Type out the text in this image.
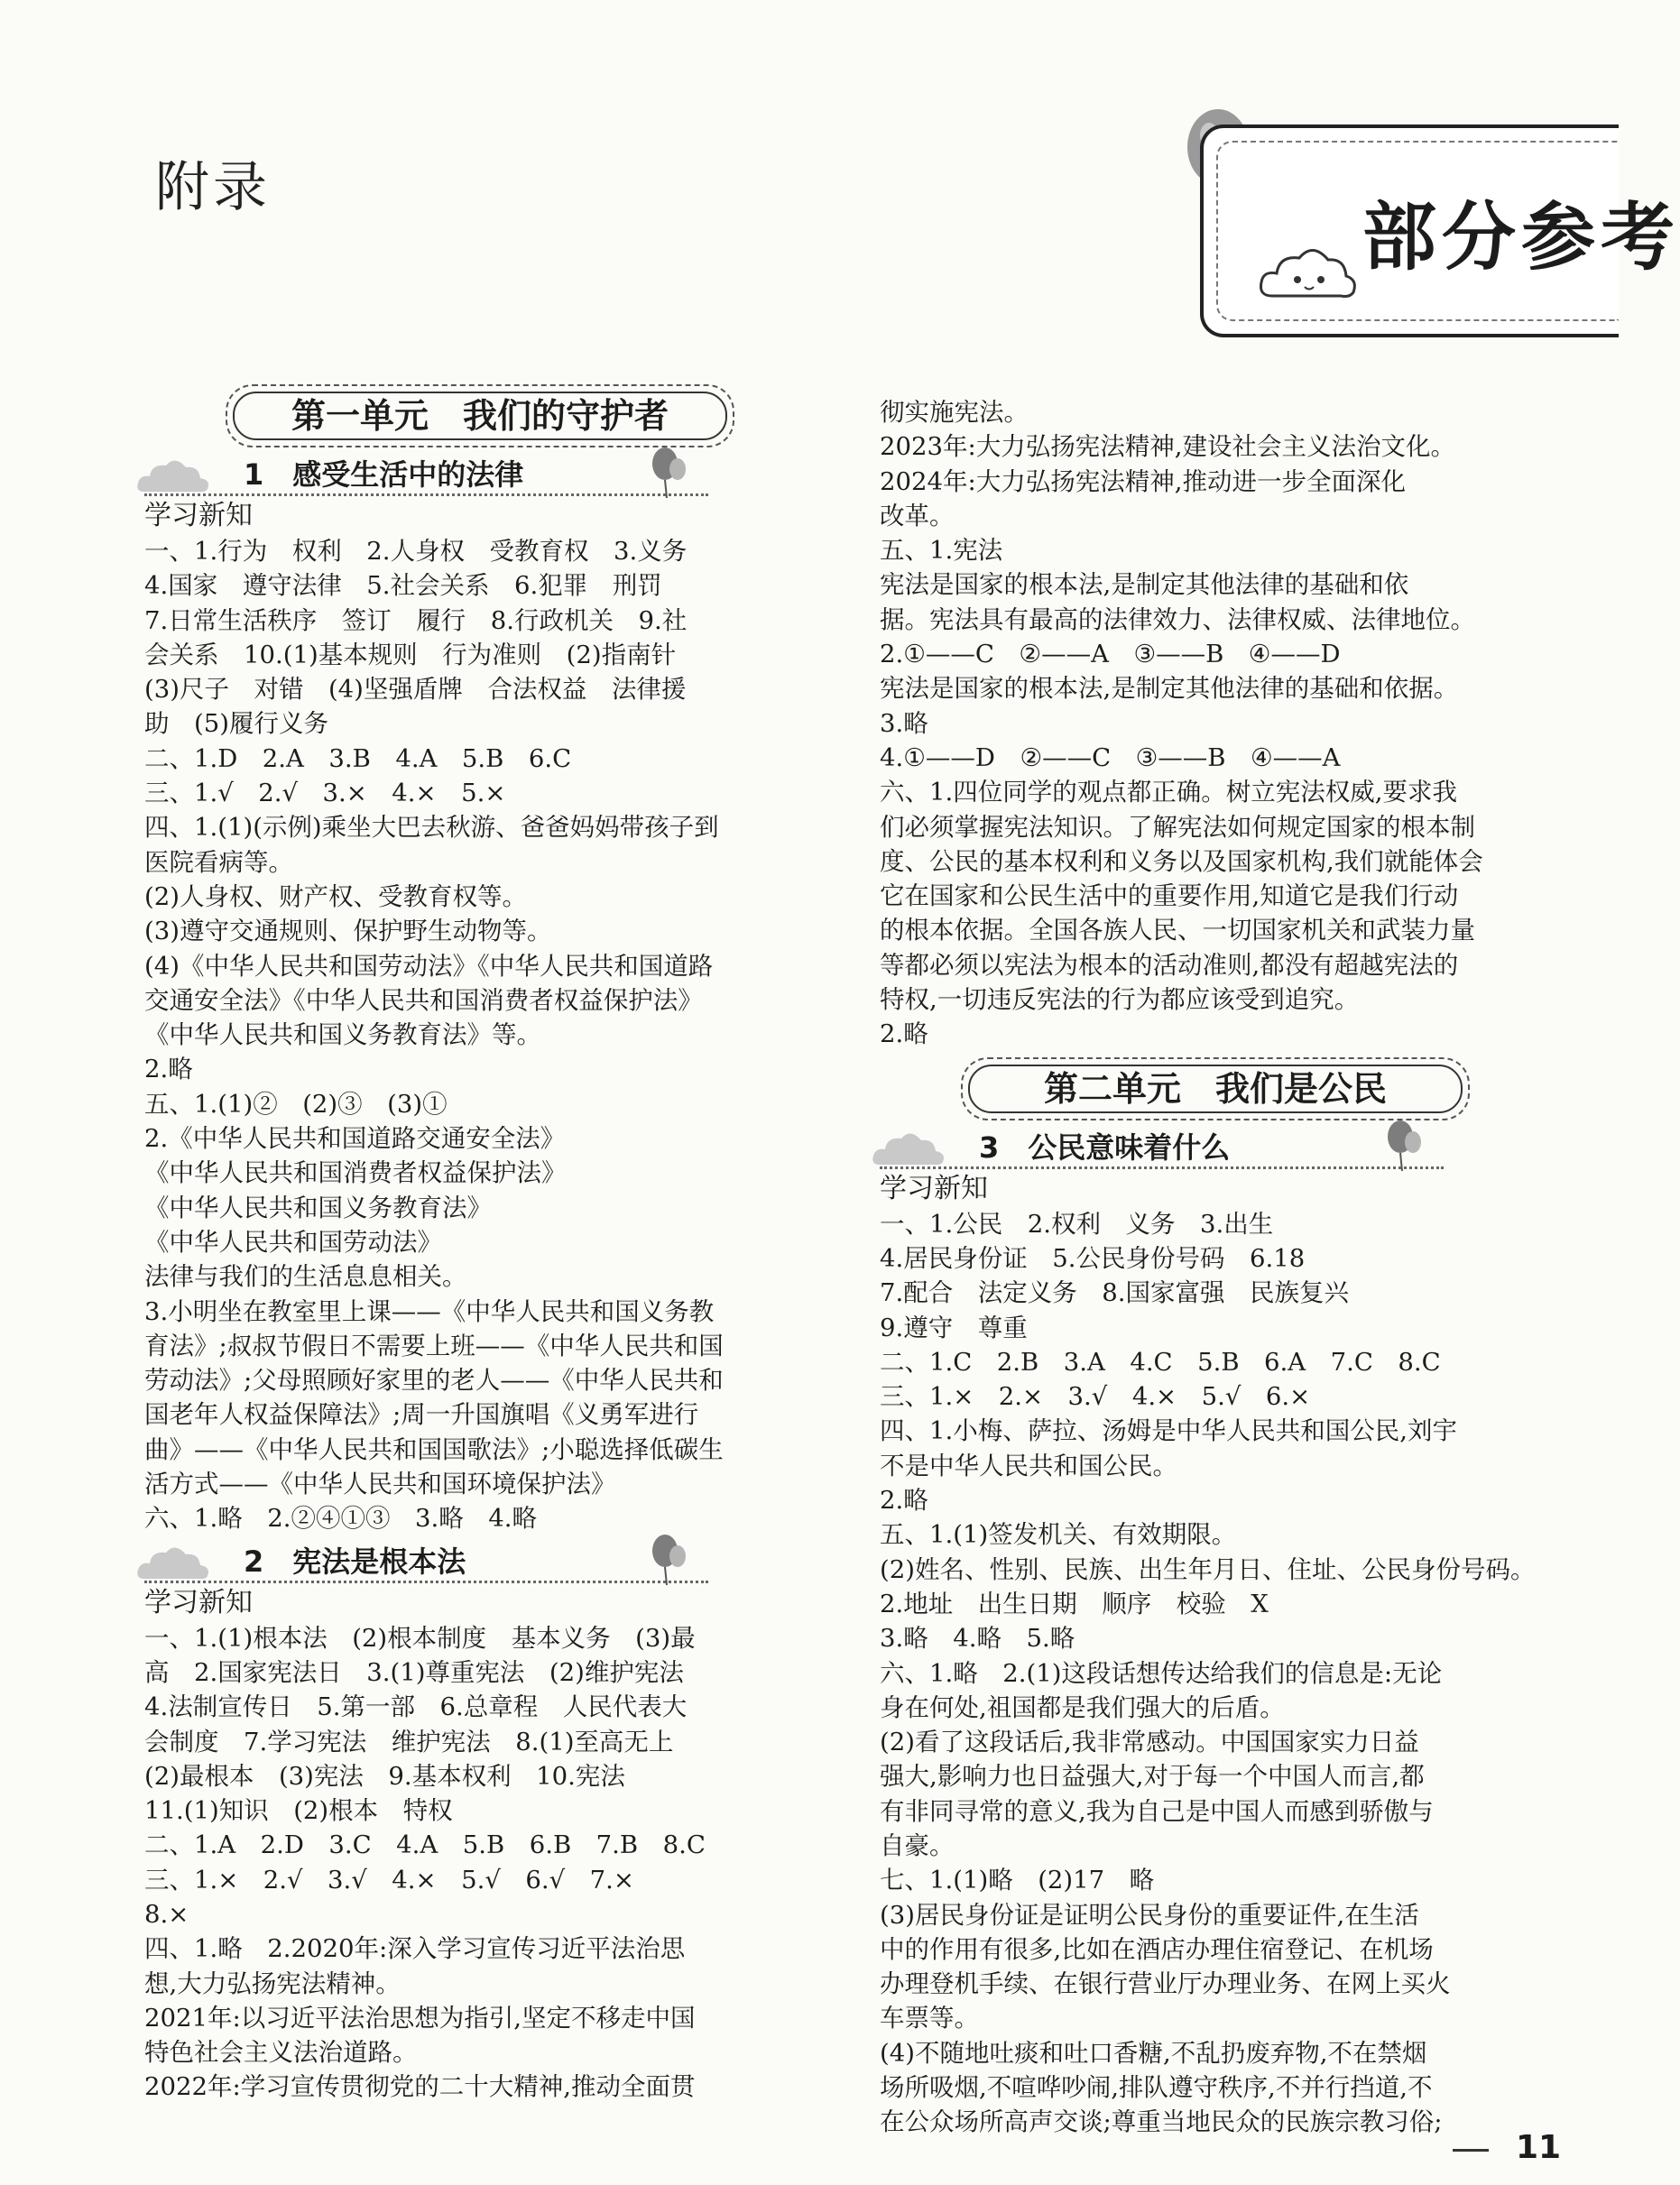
附录
部分参考
第一单元　我们的守护者
1　感受生活中的法律
学习新知
一、1.行为　权利　2.人身权　受教育权　3.义务
4.国家　遵守法律　5.社会关系　6.犯罪　刑罚
7.日常生活秩序　签订　履行　8.行政机关　9.社
会关系　10.(1)基本规则　行为准则　(2)指南针
(3)尺子　对错　(4)坚强盾牌　合法权益　法律援
助　(5)履行义务
二、1.D　2.A　3.B　4.A　5.B　6.C
三、1.√　2.√　3.×　4.×　5.×
四、1.(1)(示例)乘坐大巴去秋游、爸爸妈妈带孩子到
医院看病等。
(2)人身权、财产权、受教育权等。
(3)遵守交通规则、保护野生动物等。
(4)《中华人民共和国劳动法》《中华人民共和国道路
交通安全法》《中华人民共和国消费者权益保护法》
《中华人民共和国义务教育法》等。
2.略
五、1.(1)②　(2)③　(3)①
2.《中华人民共和国道路交通安全法》
《中华人民共和国消费者权益保护法》
《中华人民共和国义务教育法》
《中华人民共和国劳动法》
法律与我们的生活息息相关。
3.小明坐在教室里上课——《中华人民共和国义务教
育法》;叔叔节假日不需要上班——《中华人民共和国
劳动法》;父母照顾好家里的老人——《中华人民共和
国老年人权益保障法》;周一升国旗唱《义勇军进行
曲》——《中华人民共和国国歌法》;小聪选择低碳生
活方式——《中华人民共和国环境保护法》
六、1.略　2.②④①③　3.略　4.略
2　宪法是根本法
学习新知
一、1.(1)根本法　(2)根本制度　基本义务　(3)最
高　2.国家宪法日　3.(1)尊重宪法　(2)维护宪法
4.法制宣传日　5.第一部　6.总章程　人民代表大
会制度　7.学习宪法　维护宪法　8.(1)至高无上
(2)最根本　(3)宪法　9.基本权利　10.宪法
11.(1)知识　(2)根本　特权
二、1.A　2.D　3.C　4.A　5.B　6.B　7.B　8.C
三、1.×　2.√　3.√　4.×　5.√　6.√　7.×
8.×
四、1.略　2.2020年:深入学习宣传习近平法治思
想,大力弘扬宪法精神。
2021年:以习近平法治思想为指引,坚定不移走中国
特色社会主义法治道路。
2022年:学习宣传贯彻党的二十大精神,推动全面贯
彻实施宪法。
2023年:大力弘扬宪法精神,建设社会主义法治文化。
2024年:大力弘扬宪法精神,推动进一步全面深化
改革。
五、1.宪法
宪法是国家的根本法,是制定其他法律的基础和依
据。宪法具有最高的法律效力、法律权威、法律地位。
2.①——C　②——A　③——B　④——D
宪法是国家的根本法,是制定其他法律的基础和依据。
3.略
4.①——D　②——C　③——B　④——A
六、1.四位同学的观点都正确。树立宪法权威,要求我
们必须掌握宪法知识。了解宪法如何规定国家的根本制
度、公民的基本权利和义务以及国家机构,我们就能体会
它在国家和公民生活中的重要作用,知道它是我们行动
的根本依据。全国各族人民、一切国家机关和武装力量
等都必须以宪法为根本的活动准则,都没有超越宪法的
特权,一切违反宪法的行为都应该受到追究。
2.略
第二单元　我们是公民
3　公民意味着什么
学习新知
一、1.公民　2.权利　义务　3.出生
4.居民身份证　5.公民身份号码　6.18
7.配合　法定义务　8.国家富强　民族复兴
9.遵守　尊重
二、1.C　2.B　3.A　4.C　5.B　6.A　7.C　8.C
三、1.×　2.×　3.√　4.×　5.√　6.×
四、1.小梅、萨拉、汤姆是中华人民共和国公民,刘宇
不是中华人民共和国公民。
2.略
五、1.(1)签发机关、有效期限。
(2)姓名、性别、民族、出生年月日、住址、公民身份号码。
2.地址　出生日期　顺序　校验　X
3.略　4.略　5.略
六、1.略　2.(1)这段话想传达给我们的信息是:无论
身在何处,祖国都是我们强大的后盾。
(2)看了这段话后,我非常感动。中国国家实力日益
强大,影响力也日益强大,对于每一个中国人而言,都
有非同寻常的意义,我为自己是中国人而感到骄傲与
自豪。
七、1.(1)略　(2)17　略
(3)居民身份证是证明公民身份的重要证件,在生活
中的作用有很多,比如在酒店办理住宿登记、在机场
办理登机手续、在银行营业厅办理业务、在网上买火
车票等。
(4)不随地吐痰和吐口香糖,不乱扔废弃物,不在禁烟
场所吸烟,不喧哗吵闹,排队遵守秩序,不并行挡道,不
在公众场所高声交谈;尊重当地民众的民族宗教习俗;
11
